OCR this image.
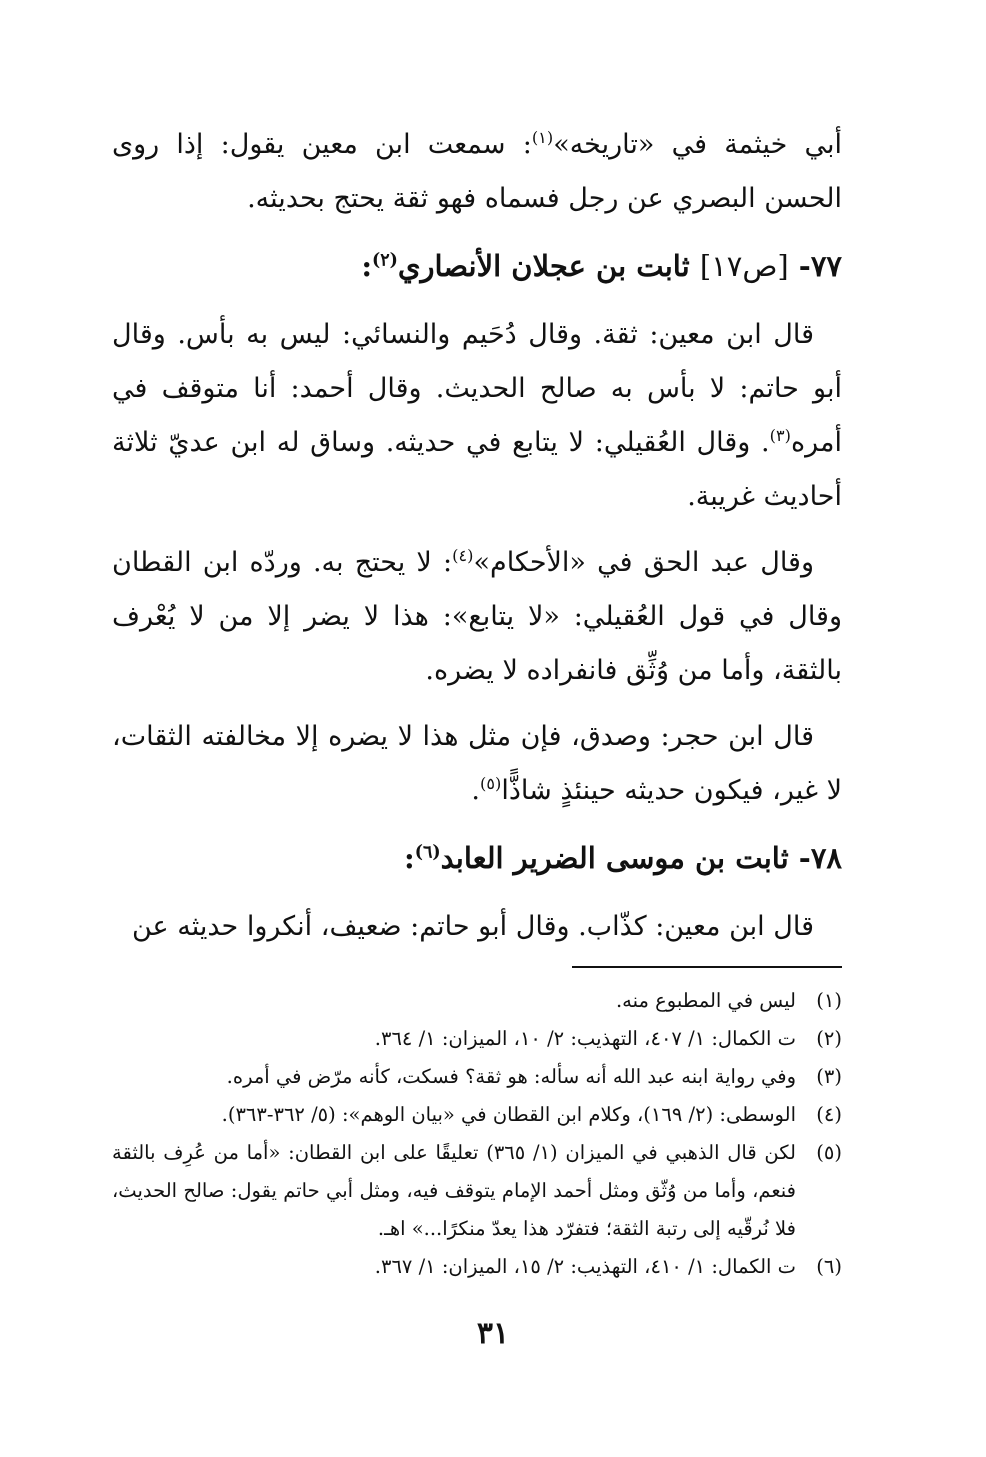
أبي خيثمة في «تاريخه»$^{(١)}$: سمعت ابن معين يقول: إذا روى الحسن البصري عن رجل فسماه فهو ثقة يحتج بحديثه.

٧٧- [ص١٧] ثابت بن عجلان الأنصاري$^{(٢)}$:

قال ابن معين: ثقة. وقال دُحَيم والنسائي: ليس به بأس. وقال أبو حاتم: لا بأس به صالح الحديث. وقال أحمد: أنا متوقف في أمره$^{(٣)}$. وقال العُقيلي: لا يتابع في حديثه. وساق له ابن عديّ ثلاثة أحاديث غريبة.

وقال عبد الحق في «الأحكام»$^{(٤)}$: لا يحتج به. وردّه ابن القطان وقال في قول العُقيلي: «لا يتابع»: هذا لا يضر إلا من لا يُعْرف بالثقة، وأما من وُثِّق فانفراده لا يضره.

قال ابن حجر: وصدق، فإن مثل هذا لا يضره إلا مخالفته الثقات، لا غير، فيكون حديثه حينئذٍ شاذًّا$^{(٥)}$.

٧٨- ثابت بن موسى الضرير العابد$^{(٦)}$:

قال ابن معين: كذّاب. وقال أبو حاتم: ضعيف، أنكروا حديثه عن

(١)
ليس في المطبوع منه.
(٢)
ت الكمال: ١/ ٤٠٧، التهذيب: ٢/ ١٠، الميزان: ١/ ٣٦٤.
(٣)
وفي رواية ابنه عبد الله أنه سأله: هو ثقة؟ فسكت، كأنه مرّض في أمره.
(٤)
الوسطى: (٢/ ١٦٩)، وكلام ابن القطان في «بيان الوهم»: (٥/ ٣٦٢-٣٦٣).
(٥)
لكن قال الذهبي في الميزان (١/ ٣٦٥) تعليقًا على ابن القطان: «أما من عُرِف بالثقة فنعم، وأما من وُثّق ومثل أحمد الإمام يتوقف فيه، ومثل أبي حاتم يقول: صالح الحديث، فلا نُرقّيه إلى رتبة الثقة؛ فتفرّد هذا يعدّ منكرًا...» اهـ.
(٦)
ت الكمال: ١/ ٤١٠، التهذيب: ٢/ ١٥، الميزان: ١/ ٣٦٧.
٣١
